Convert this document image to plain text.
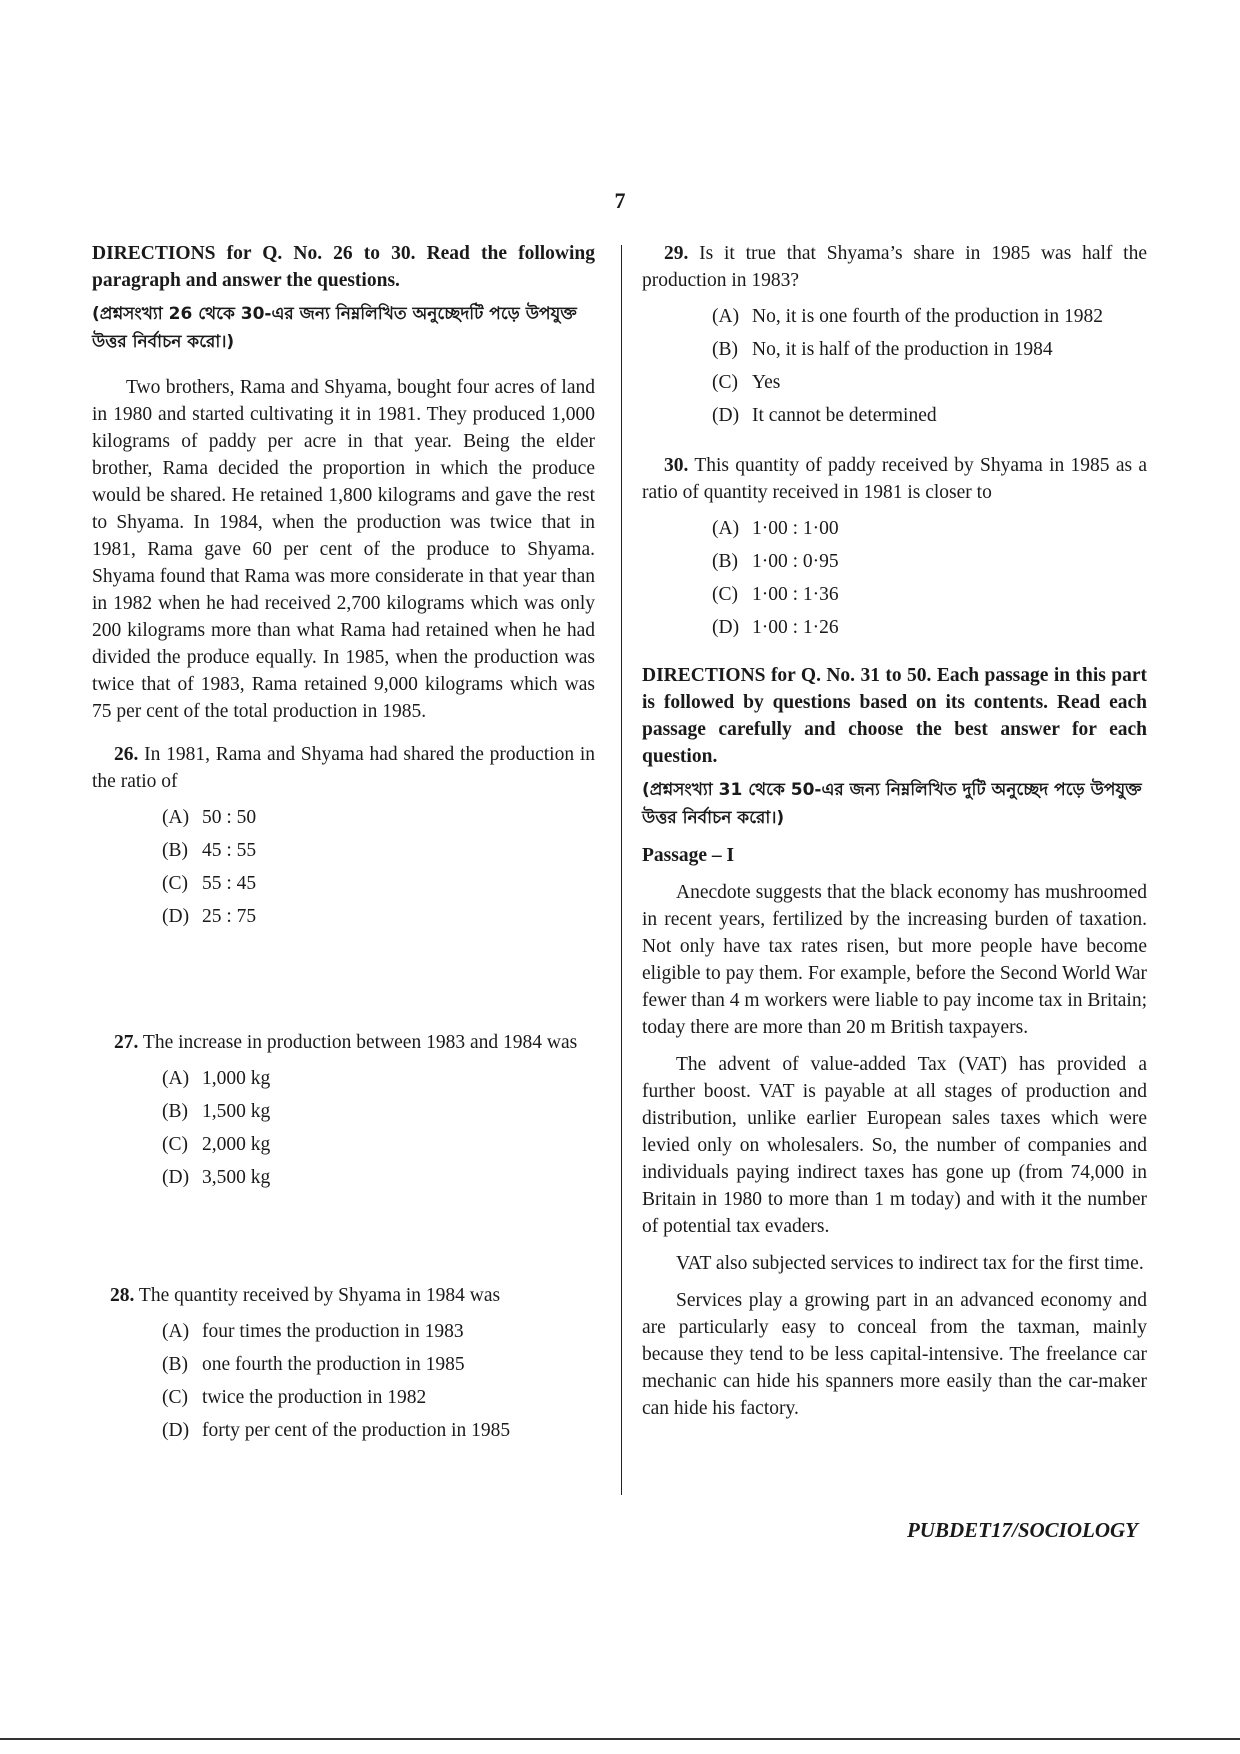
7

DIRECTIONS for Q. No. 26 to 30. Read the following paragraph and answer the questions.

(প্রশ্নসংখ্যা 26 থেকে 30-এর জন্য নিম্নলিখিত অনুচ্ছেদটি পড়ে উপযুক্ত উত্তর নির্বাচন করো।)

Two brothers, Rama and Shyama, bought four acres of land in 1980 and started cultivating it in 1981. They produced 1,000 kilograms of paddy per acre in that year. Being the elder brother, Rama decided the proportion in which the produce would be shared. He retained 1,800 kilograms and gave the rest to Shyama. In 1984, when the production was twice that in 1981, Rama gave 60 per cent of the produce to Shyama. Shyama found that Rama was more considerate in that year than in 1982 when he had received 2,700 kilograms which was only 200 kilograms more than what Rama had retained when he had divided the produce equally. In 1985, when the production was twice that of 1983, Rama retained 9,000 kilograms which was 75 per cent of the total production in 1985.

26. In 1981, Rama and Shyama had shared the production in the ratio of

(A) 50 : 50
(B) 45 : 55
(C) 55 : 45
(D) 25 : 75

27. The increase in production between 1983 and 1984 was

(A) 1,000 kg
(B) 1,500 kg
(C) 2,000 kg
(D) 3,500 kg

28. The quantity received by Shyama in 1984 was

(A) four times the production in 1983
(B) one fourth the production in 1985
(C) twice the production in 1982
(D) forty per cent of the production in 1985

29. Is it true that Shyama’s share in 1985 was half the production in 1983?

(A) No, it is one fourth of the production in 1982
(B) No, it is half of the production in 1984
(C) Yes
(D) It cannot be determined

30. This quantity of paddy received by Shyama in 1985 as a ratio of quantity received in 1981 is closer to

(A) 1·00 : 1·00
(B) 1·00 : 0·95
(C) 1·00 : 1·36
(D) 1·00 : 1·26

DIRECTIONS for Q. No. 31 to 50. Each passage in this part is followed by questions based on its contents. Read each passage carefully and choose the best answer for each question.

(প্রশ্নসংখ্যা 31 থেকে 50-এর জন্য নিম্নলিখিত দুটি অনুচ্ছেদ পড়ে উপযুক্ত উত্তর নির্বাচন করো।)

Passage – I

Anecdote suggests that the black economy has mushroomed in recent years, fertilized by the increasing burden of taxation. Not only have tax rates risen, but more people have become eligible to pay them. For example, before the Second World War fewer than 4 m workers were liable to pay income tax in Britain; today there are more than 20 m British taxpayers.

The advent of value-added Tax (VAT) has provided a further boost. VAT is payable at all stages of production and distribution, unlike earlier European sales taxes which were levied only on wholesalers. So, the number of companies and individuals paying indirect taxes has gone up (from 74,000 in Britain in 1980 to more than 1 m today) and with it the number of potential tax evaders.

VAT also subjected services to indirect tax for the first time.

Services play a growing part in an advanced economy and are particularly easy to conceal from the taxman, mainly because they tend to be less capital-intensive. The freelance car mechanic can hide his spanners more easily than the car-maker can hide his factory.

PUBDET17/SOCIOLOGY
